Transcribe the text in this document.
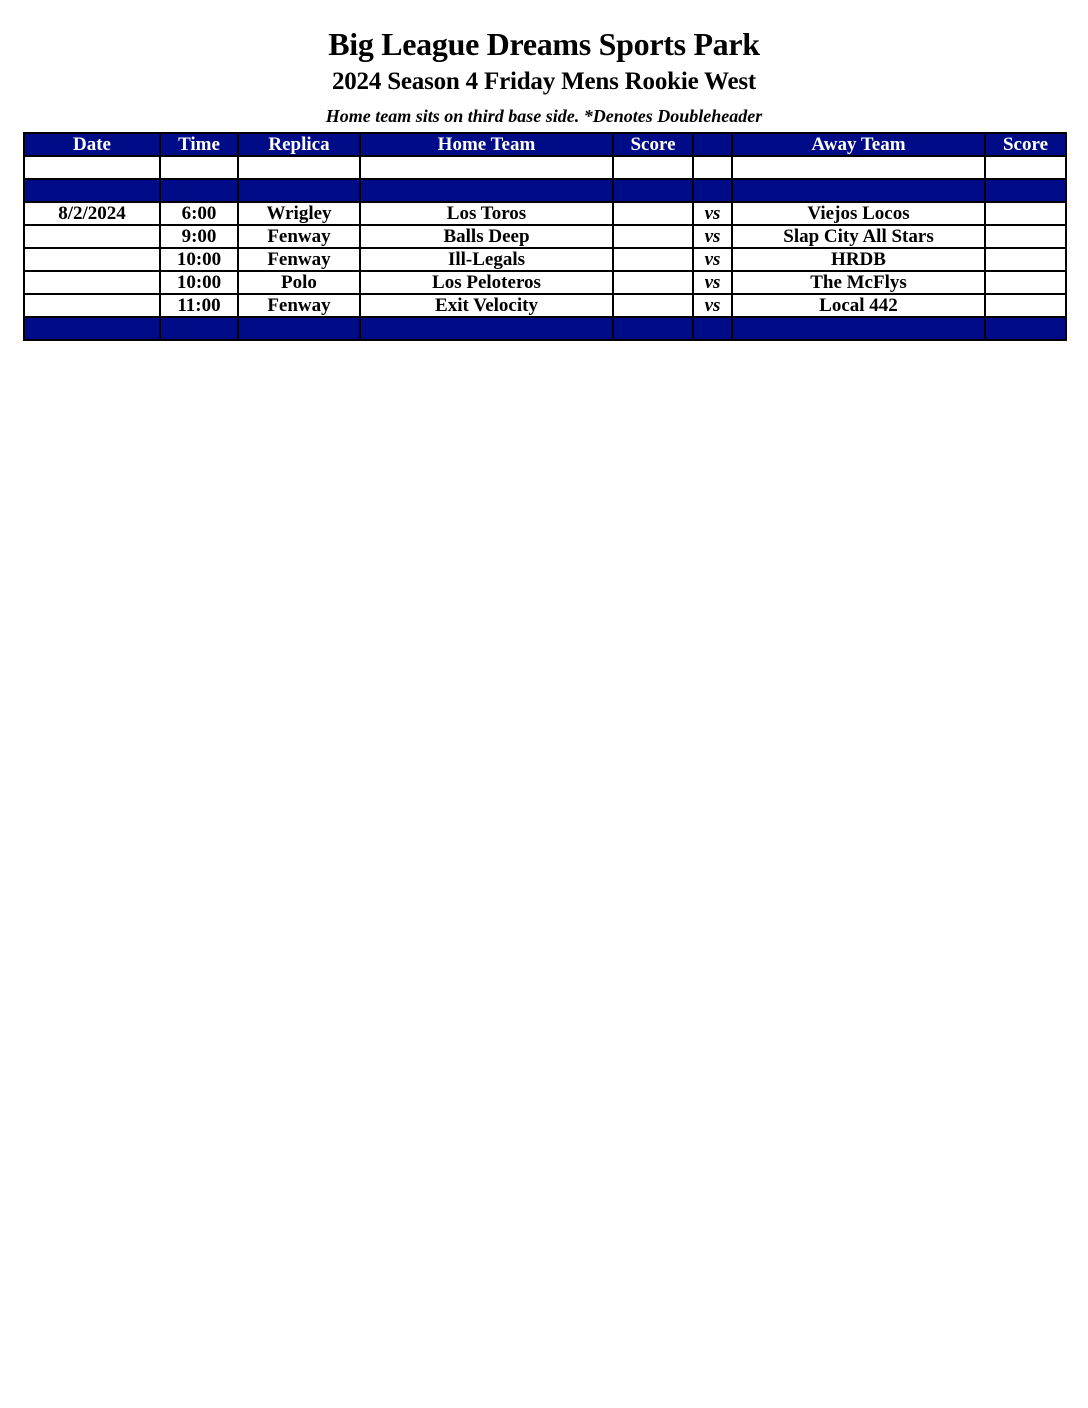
Big League Dreams Sports Park
2024 Season 4 Friday Mens Rookie West
Home team sits on third base side. *Denotes Doubleheader
Date	Time	Replica	Home Team	Score		Away Team	Score

8/2/2024	6:00	Wrigley	Los Toros		vs	Viejos Locos	
	9:00	Fenway	Balls Deep		vs	Slap City All Stars	
	10:00	Fenway	Ill-Legals		vs	HRDB	
	10:00	Polo	Los Peloteros		vs	The McFlys	
	11:00	Fenway	Exit Velocity		vs	Local 442	
